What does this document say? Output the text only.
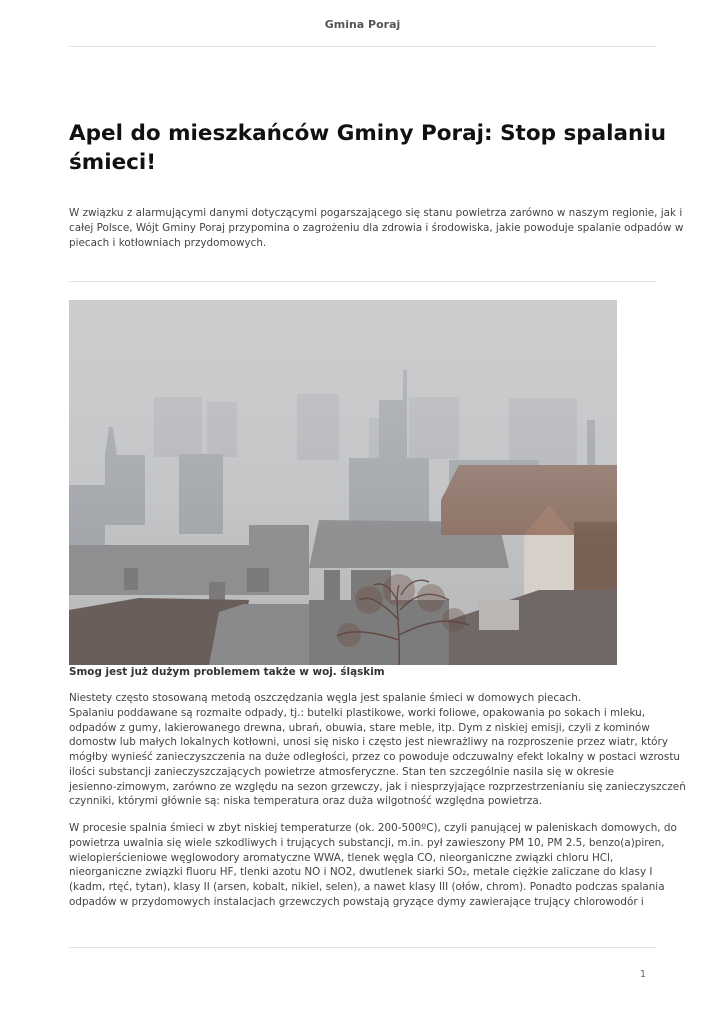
Gmina Poraj
Apel do mieszkańców Gminy Poraj: Stop spalaniu
śmieci!

W związku z alarmującymi danymi dotyczącymi pogarszającego się stanu powietrza zarówno w naszym regionie, jak i
całej Polsce, Wójt Gminy Poraj przypomina o zagrożeniu dla zdrowia i środowiska, jakie powoduje spalanie odpadów w
piecach i kotłowniach przydomowych.

Smog jest już dużym problemem także w woj. śląskim

Niestety często stosowaną metodą oszczędzania węgla jest spalanie śmieci w domowych piecach.
Spalaniu poddawane są rozmaite odpady, tj.: butelki plastikowe, worki foliowe, opakowania po sokach i mleku,
odpadów z gumy, lakierowanego drewna, ubrań, obuwia, stare meble, itp. Dym z niskiej emisji, czyli z kominów
domostw lub małych lokalnych kotłowni, unosi się nisko i często jest niewrażliwy na rozproszenie przez wiatr, który
mógłby wynieść zanieczyszczenia na duże odległości, przez co powoduje odczuwalny efekt lokalny w postaci wzrostu
ilości substancji zanieczyszczających powietrze atmosferyczne. Stan ten szczególnie nasila się w okresie
jesienno-zimowym, zarówno ze względu na sezon grzewczy, jak i niesprzyjające rozprzestrzenianiu się zanieczyszczeń
czynniki, którymi głównie są: niska temperatura oraz duża wilgotność względna powietrza.

W procesie spalnia śmieci w zbyt niskiej temperaturze (ok. 200-500ºC), czyli panującej w paleniskach domowych, do
powietrza uwalnia się wiele szkodliwych i trujących substancji, m.in. pył zawieszony PM 10, PM 2.5, benzo(a)piren,
wielopierścieniowe węglowodory aromatyczne WWA, tlenek węgla CO, nieorganiczne związki chloru HCl,
nieorganiczne związki fluoru HF, tlenki azotu NO i NO2, dwutlenek siarki SO₂, metale ciężkie zaliczane do klasy I
(kadm, rtęć, tytan), klasy II (arsen, kobalt, nikiel, selen), a nawet klasy III (ołów, chrom). Ponadto podczas spalania
odpadów w przydomowych instalacjach grzewczych powstają gryzące dymy zawierające trujący chlorowodór i

1
